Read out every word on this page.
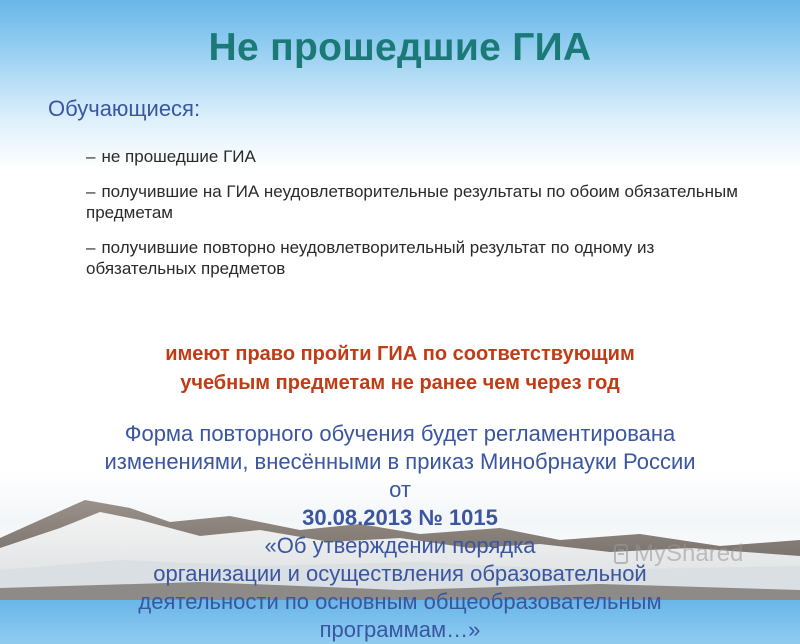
Не прошедшие ГИА
Обучающиеся:
– не прошедшие ГИА
– получившие на ГИА неудовлетворительные результаты по обоим обязательным предметам
– получившие повторно неудовлетворительный результат по одному из обязательных предметов
имеют право пройти ГИА по соответствующим
учебным предметам не ранее чем через год
Форма повторного обучения будет регламентирована
изменениями, внесёнными в приказ Минобрнауки России
от
30.08.2013 № 1015
«Об утверждении порядка
организации и осуществления образовательной
деятельности по основным общеобразовательным
программам…»
MyShared
